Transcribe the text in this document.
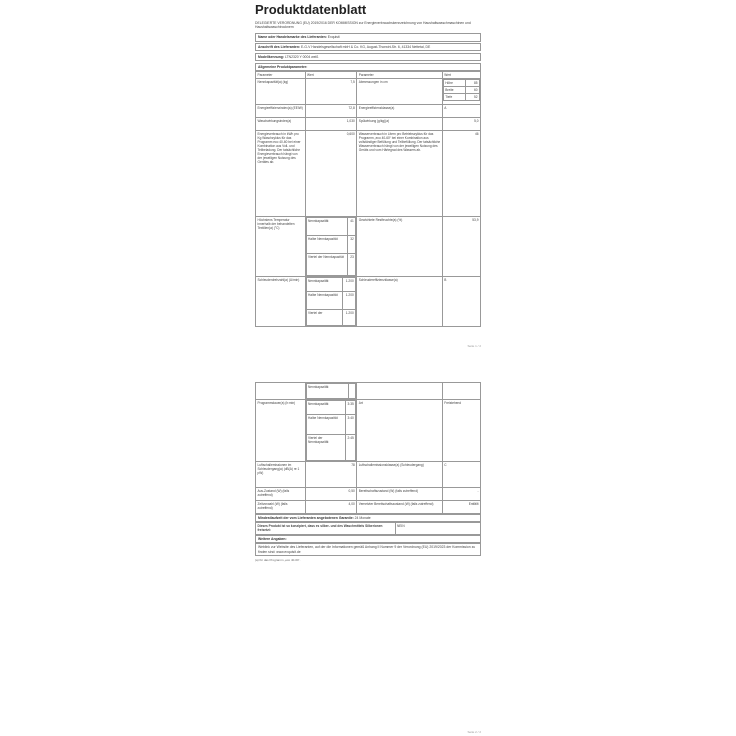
Produktdatenblatt
DELEGIERTE VERORDNUNG (EU) 2019/2016 DER KOMMISSION zur Energieverbrauchskennzeichnung von Haushaltswaschmaschinen und Haushaltswaschtrocknern
Name oder Handelsmarke des Lieferanten: Exquisit
Anschrift des Lieferanten: E-G-V Handelsgesellschaft mbH & Co. KG, August-Thorwirt-Str. 6, 41334 Nettetal, DE
Modellkennung: LTN2320 Y 0004 weiß
Allgemeine Produktparameter:
Parameter	Wert	Parameter	Wert
Nennkapazität(a) (kg)	7,5	Abmessungen in cm		Höhe	85
Breite	60
Tiefe	52

Energieeffizienzindex(a) (EEIW)	72,8	Energieeffizienzklasse(a)	A
Waschwirkungsindex(a)	1,030	Spülwirkung (g/kg)(a)	5,0
Energieverbrauch in kWh pro Kg Waschzyklus für das Programm eco 40-60 bei einer Kombination aus Voll- und Teilbeladung. Der tatsächliche Energieverbrauch hängt von der jeweiligen Nutzung des Gerätes ab.	0,600	Wasserverbrauch in Litern pro Betriebszyklus für das Programm „eco 40-60“ bei einer Kombination aus vollständiger Befüllung und Teilbefüllung. Der tatsächliche Wasserverbrauch hängt von der jeweiligen Nutzung des Geräts und vom Härtegrad des Wassers ab.	46
Höchstens Temperatur innerhalb der behandelten Textilien(a) (°C)	
Nennkapazität	41
Halbe Nennkapazität	32
Viertel der Nennkapazität	23
	Gewichtete Restfeuchte(a) (%)	53,9
Schleuderdrehzahl(a) (U/min)		Nennkapazität	1.200
Halbe Nennkapazität	1.200
Viertel der	1.200
	Schleudereffizienzklasse(a)	B
Seite 1 / 2

Nennkapazität	

Programmdauer(a) (h:min)		Nennkapazität	3:35
Halbe Nennkapazität	3:40
Viertel der Nennkapazität	2:45
	Art	Freistehend
Luftschallemissionen im Schleudergang(a) (dB(A) re 1 pW)	78	Luftschallemissionsklasse(a) (Schleudergang)	C
Aus-Zustand (W) (falls zutreffend)	0,50	Bereitschaftszustand (W) (falls zutreffend)	-
Zeitvorwahl (W) (falls zutreffend)	4,00	Vernetzter Bereitschaftszustand (W) (falls zutreffend)	Entfällt
Mindestlaufzeit der vom Lieferanten angebotenen Garantie: 24 Monate
Dieses Produkt ist so konzipiert, dass es silber- und des Waschmittels Silberionen freisetzt:	NEIN
Weitere Angaben:
Weblink zur Website des Lieferanten, auf der die Informationen gemäß Anhang II Nummer 9 der Verordnung (EU) 2019/2023 der Kommission zu finden sind: www.exquisit.de
(a) für das Programm „eco 40-60“.
Seite 2 / 2
